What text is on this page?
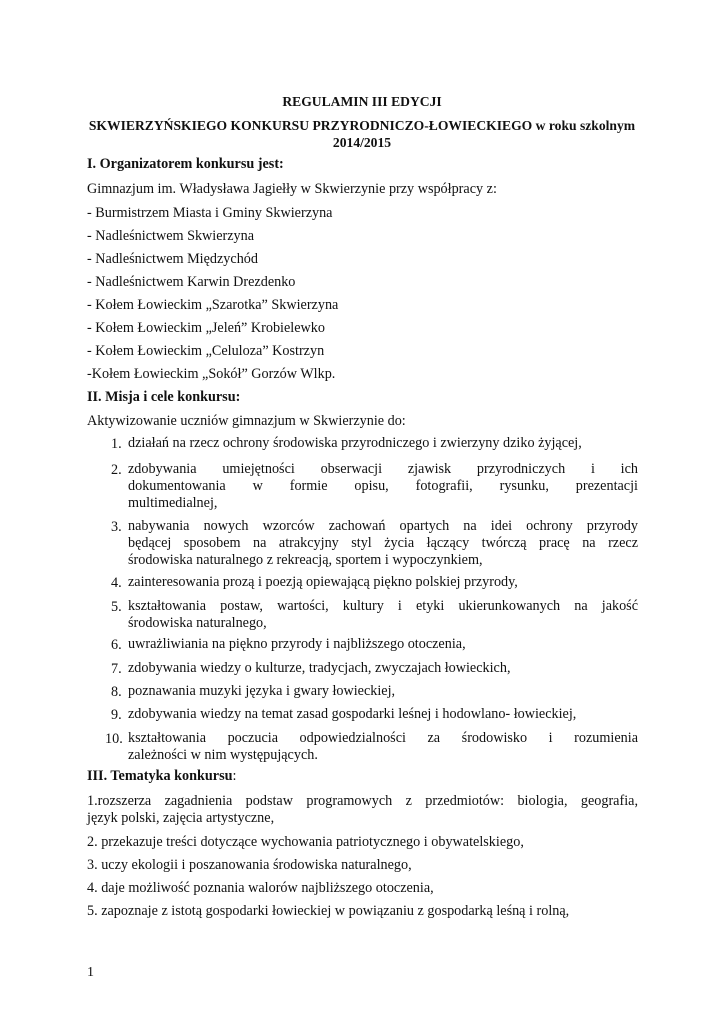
REGULAMIN III EDYCJI
SKWIERZYŃSKIEGO KONKURSU PRZYRODNICZO-ŁOWIECKIEGO w roku szkolnym
2014/2015
I. Organizatorem konkursu jest:
Gimnazjum im. Władysława Jagiełły w Skwierzynie przy współpracy z:
- Burmistrzem Miasta i Gminy Skwierzyna
- Nadleśnictwem Skwierzyna
- Nadleśnictwem Międzychód
- Nadleśnictwem Karwin Drezdenko
- Kołem Łowieckim „Szarotka” Skwierzyna
- Kołem Łowieckim „Jeleń” Krobielewko
- Kołem Łowieckim „Celuloza” Kostrzyn
-Kołem Łowieckim „Sokół” Gorzów Wlkp.
II. Misja i cele konkursu:
Aktywizowanie uczniów gimnazjum w Skwierzynie do:
1. działań na rzecz ochrony środowiska przyrodniczego i zwierzyny dziko żyjącej,
2. zdobywania umiejętności obserwacji zjawisk przyrodniczych i ich
dokumentowania w formie opisu, fotografii, rysunku, prezentacji
multimedialnej,
3. nabywania nowych wzorców zachowań opartych na idei ochrony przyrody
będącej sposobem na atrakcyjny styl życia łączący twórczą pracę na rzecz
środowiska naturalnego z rekreacją, sportem i wypoczynkiem,
4. zainteresowania prozą i poezją opiewającą piękno polskiej przyrody,
5. kształtowania postaw, wartości, kultury i etyki ukierunkowanych na jakość
środowiska naturalnego,
6. uwrażliwiania na piękno przyrody i najbliższego otoczenia,
7. zdobywania wiedzy o kulturze, tradycjach, zwyczajach łowieckich,
8. poznawania muzyki języka i gwary łowieckiej,
9. zdobywania wiedzy na temat zasad gospodarki leśnej i hodowlano- łowieckiej,
10. kształtowania poczucia odpowiedzialności za środowisko i rozumienia
zależności w nim występujących.
III. Tematyka konkursu:
1.rozszerza zagadnienia podstaw programowych z przedmiotów: biologia, geografia,
język polski, zajęcia artystyczne,
2. przekazuje treści dotyczące wychowania patriotycznego i obywatelskiego,
3. uczy ekologii i poszanowania środowiska naturalnego,
4. daje możliwość poznania walorów najbliższego otoczenia,
5. zapoznaje z istotą gospodarki łowieckiej w powiązaniu z gospodarką leśną i rolną,
1
